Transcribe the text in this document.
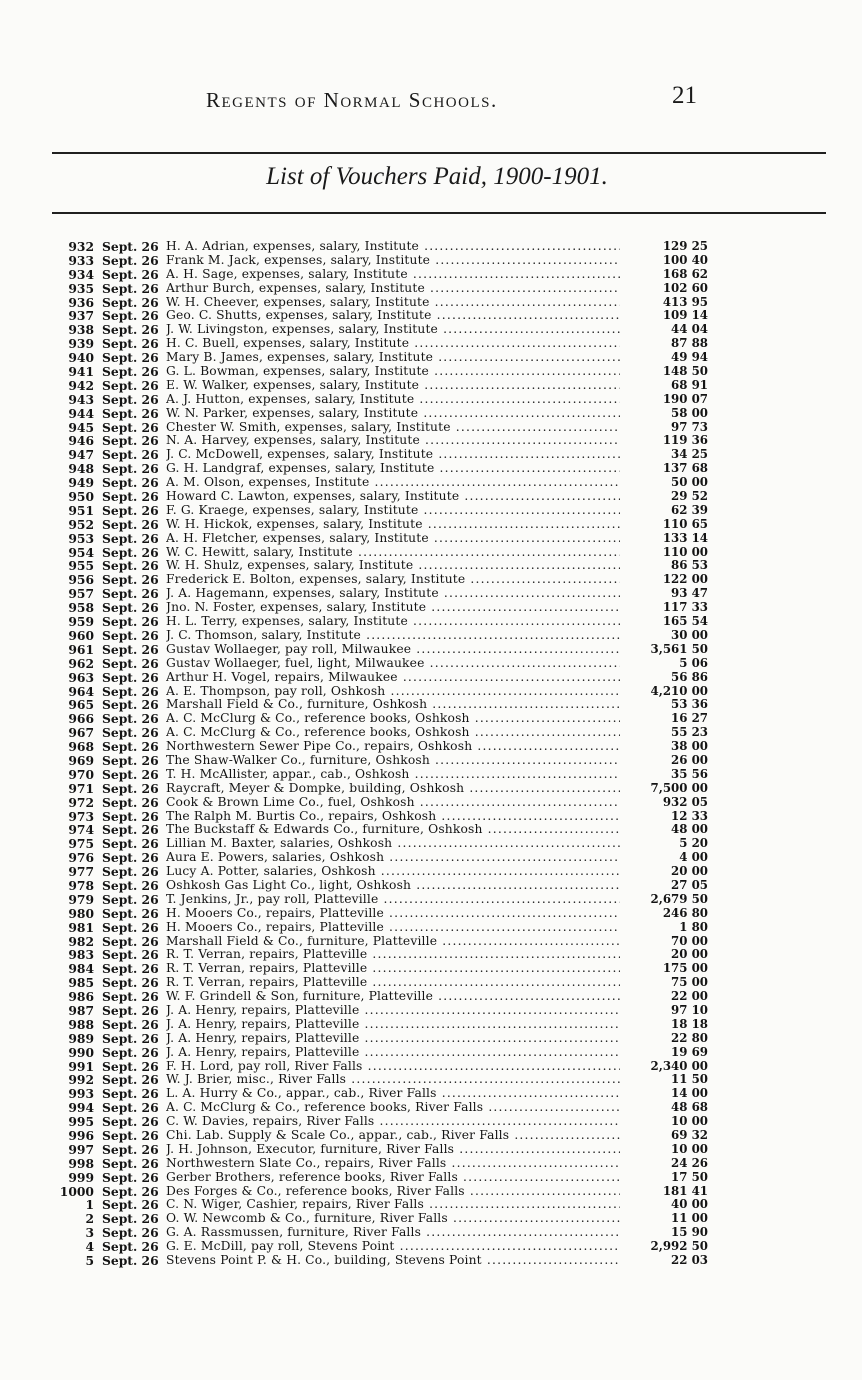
Regents of Normal Schools.	21
List of Vouchers Paid, 1900-1901.
932 Sept. 26 H. A. Adrian, expenses, salary, Institute .....	129 25
933 Sept. 26 Frank M. Jack, expenses, salary, Institute .....	100 40
934 Sept. 26 A. H. Sage, expenses, salary, Institute .....	168 62
935 Sept. 26 Arthur Burch, expenses, salary, Institute .....	102 60
936 Sept. 26 W. H. Cheever, expenses, salary, Institute .....	413 95
937 Sept. 26 Geo. C. Shutts, expenses, salary, Institute .....	109 14
938 Sept. 26 J. W. Livingston, expenses, salary, Institute .....	44 04
939 Sept. 26 H. C. Buell, expenses, salary, Institute .....	87 88
940 Sept. 26 Mary B. James, expenses, salary, Institute .....	49 94
941 Sept. 26 G. L. Bowman, expenses, salary, Institute .....	148 50
942 Sept. 26 E. W. Walker, expenses, salary, Institute .....	68 91
943 Sept. 26 A. J. Hutton, expenses, salary, Institute .....	190 07
944 Sept. 26 W. N. Parker, expenses, salary, Institute .....	58 00
945 Sept. 26 Chester W. Smith, expenses, salary, Institute .....	97 73
946 Sept. 26 N. A. Harvey, expenses, salary, Institute .....	119 36
947 Sept. 26 J. C. McDowell, expenses, salary, Institute .....	34 25
948 Sept. 26 G. H. Landgraf, expenses, salary, Institute .....	137 68
949 Sept. 26 A. M. Olson, expenses, Institute .....	50 00
950 Sept. 26 Howard C. Lawton, expenses, salary, Institute .....	29 52
951 Sept. 26 F. G. Kraege, expenses, salary, Institute .....	62 39
952 Sept. 26 W. H. Hickok, expenses, salary, Institute .....	110 65
953 Sept. 26 A. H. Fletcher, expenses, salary, Institute .....	133 14
954 Sept. 26 W. C. Hewitt, salary, Institute .....	110 00
955 Sept. 26 W. H. Shulz, expenses, salary, Institute .....	86 53
956 Sept. 26 Frederick E. Bolton, expenses, salary, Institute .....	122 00
957 Sept. 26 J. A. Hagemann, expenses, salary, Institute .....	93 47
958 Sept. 26 Jno. N. Foster, expenses, salary, Institute .....	117 33
959 Sept. 26 H. L. Terry, expenses, salary, Institute .....	165 54
960 Sept. 26 J. C. Thomson, salary, Institute .....	30 00
961 Sept. 26 Gustav Wollaeger, pay roll, Milwaukee .....	3,561 50
962 Sept. 26 Gustav Wollaeger, fuel, light, Milwaukee .....	5 06
963 Sept. 26 Arthur H. Vogel, repairs, Milwaukee .....	56 86
964 Sept. 26 A. E. Thompson, pay roll, Oshkosh .....	4,210 00
965 Sept. 26 Marshall Field & Co., furniture, Oshkosh .....	53 36
966 Sept. 26 A. C. McClurg & Co., reference books, Oshkosh .....	16 27
967 Sept. 26 A. C. McClurg & Co., reference books, Oshkosh .....	55 23
968 Sept. 26 Northwestern Sewer Pipe Co., repairs, Oshkosh .....	38 00
969 Sept. 26 The Shaw-Walker Co., furniture, Oshkosh .....	26 00
970 Sept. 26 T. H. McAllister, appar., cab., Oshkosh .....	35 56
971 Sept. 26 Raycraft, Meyer & Dompke, building, Oshkosh .....	7,500 00
972 Sept. 26 Cook & Brown Lime Co., fuel, Oshkosh .....	932 05
973 Sept. 26 The Ralph M. Burtis Co., repairs, Oshkosh .....	12 33
974 Sept. 26 The Buckstaff & Edwards Co., furniture, Oshkosh .....	48 00
975 Sept. 26 Lillian M. Baxter, salaries, Oshkosh .....	5 20
976 Sept. 26 Aura E. Powers, salaries, Oshkosh .....	4 00
977 Sept. 26 Lucy A. Potter, salaries, Oshkosh .....	20 00
978 Sept. 26 Oshkosh Gas Light Co., light, Oshkosh .....	27 05
979 Sept. 26 T. Jenkins, Jr., pay roll, Platteville .....	2,679 50
980 Sept. 26 H. Mooers Co., repairs, Platteville .....	246 80
981 Sept. 26 H. Mooers Co., repairs, Platteville .....	1 80
982 Sept. 26 Marshall Field & Co., furniture, Platteville .....	70 00
983 Sept. 26 R. T. Verran, repairs, Platteville .....	20 00
984 Sept. 26 R. T. Verran, repairs, Platteville .....	175 00
985 Sept. 26 R. T. Verran, repairs, Platteville .....	75 00
986 Sept. 26 W. F. Grindell & Son, furniture, Platteville .....	22 00
987 Sept. 26 J. A. Henry, repairs, Platteville .....	97 10
988 Sept. 26 J. A. Henry, repairs, Platteville .....	18 18
989 Sept. 26 J. A. Henry, repairs, Platteville .....	22 80
990 Sept. 26 J. A. Henry, repairs, Platteville .....	19 69
991 Sept. 26 F. H. Lord, pay roll, River Falls .....	2,340 00
992 Sept. 26 W. J. Brier, misc., River Falls .....	11 50
993 Sept. 26 L. A. Hurry & Co., appar., cab., River Falls .....	14 00
994 Sept. 26 A. C. McClurg & Co., reference books, River Falls .....	48 68
995 Sept. 26 C. W. Davies, repairs, River Falls .....	10 00
996 Sept. 26 Chi. Lab. Supply & Scale Co., appar., cab., River Falls .....	69 32
997 Sept. 26 J. H. Johnson, Executor, furniture, River Falls .....	10 00
998 Sept. 26 Northwestern Slate Co., repairs, River Falls .....	24 26
999 Sept. 26 Gerber Brothers, reference books, River Falls .....	17 50
1000 Sept. 26 Des Forges & Co., reference books, River Falls .....	181 41
1 Sept. 26 C. N. Wiger, Cashier, repairs, River Falls .....	40 00
2 Sept. 26 O. W. Newcomb & Co., furniture, River Falls .....	11 00
3 Sept. 26 G. A. Rassmussen, furniture, River Falls .....	15 90
4 Sept. 26 G. E. McDill, pay roll, Stevens Point .....	2,992 50
5 Sept. 26 Stevens Point P. & H. Co., building, Stevens Point .....	22 03
